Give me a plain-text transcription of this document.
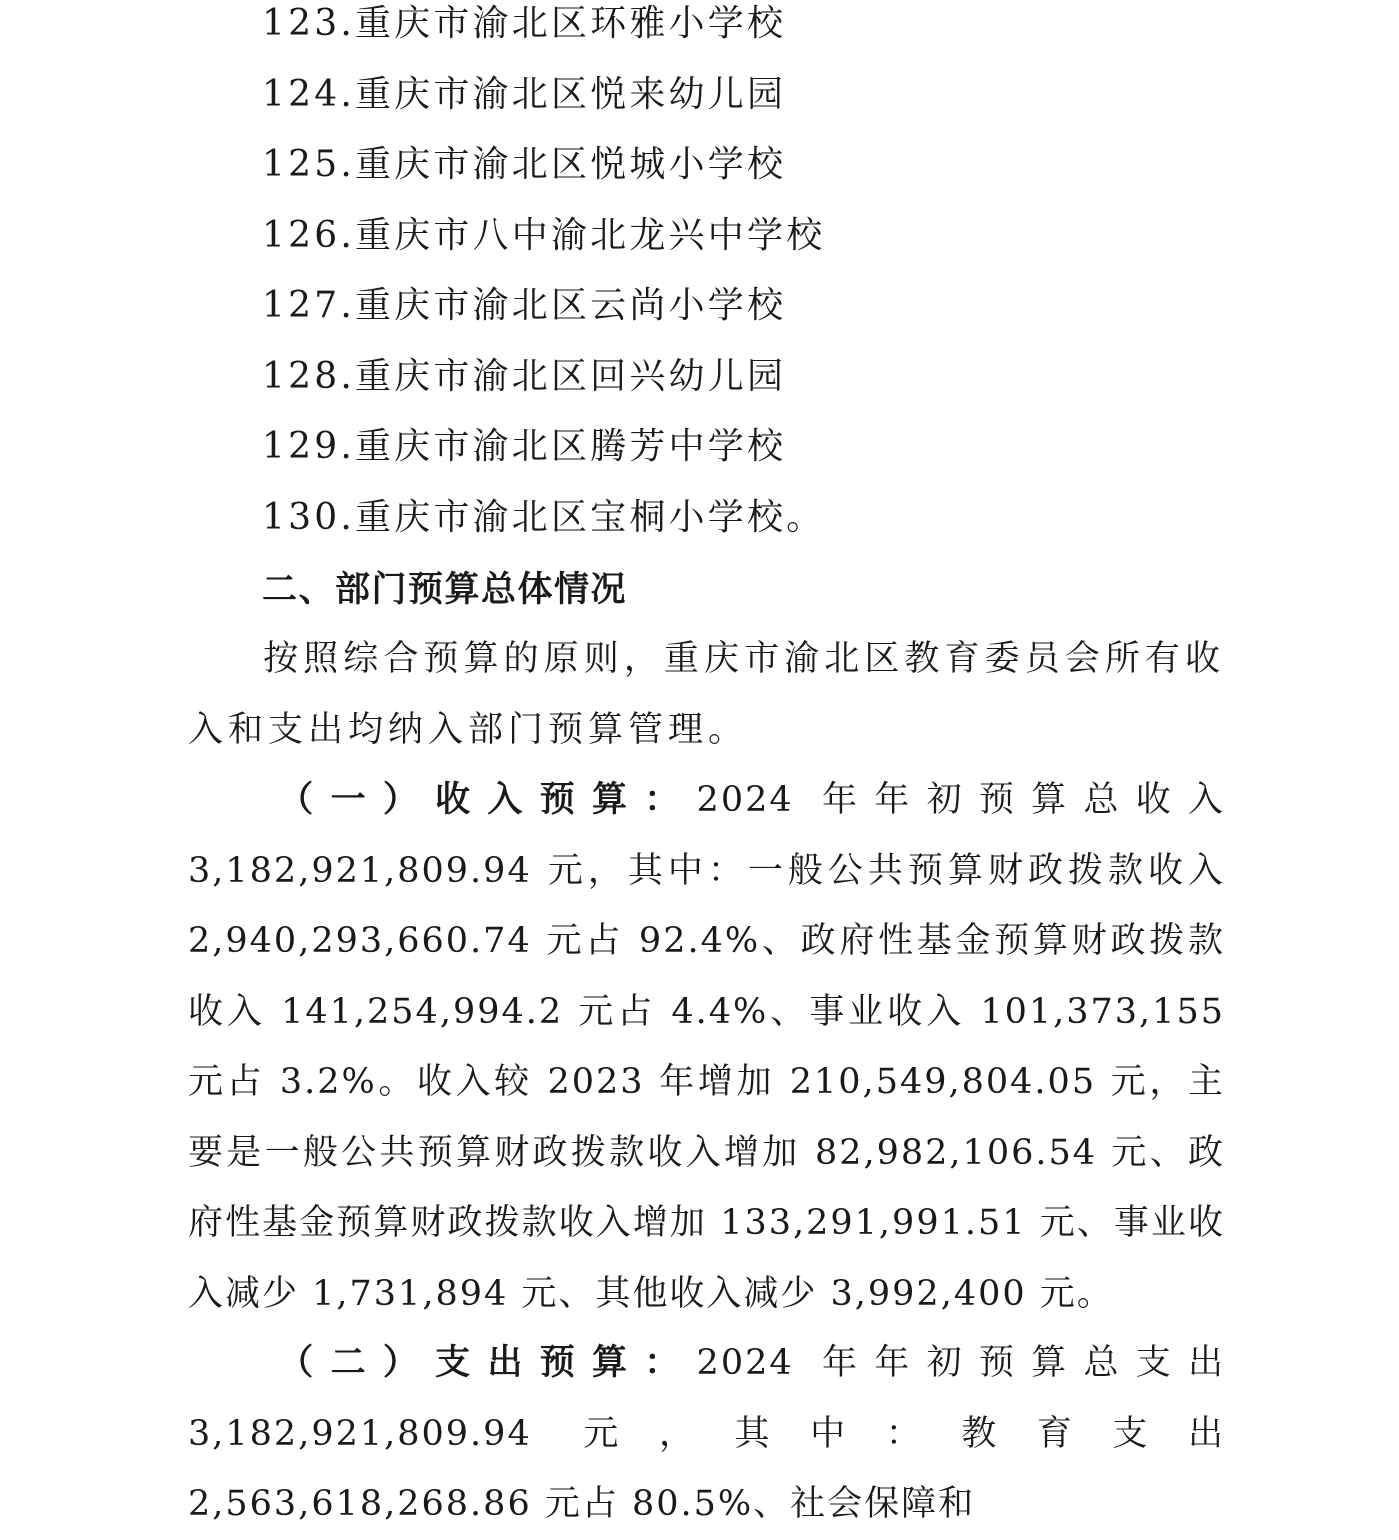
123.重庆市渝北区环雅小学校
124.重庆市渝北区悦来幼儿园
125.重庆市渝北区悦城小学校
126.重庆市八中渝北龙兴中学校
127.重庆市渝北区云尚小学校
128.重庆市渝北区回兴幼儿园
129.重庆市渝北区腾芳中学校
130.重庆市渝北区宝桐小学校。
二、部门预算总体情况

按照综合预算的原则，重庆市渝北区教育委员会所有收入和支出均纳入部门预算管理。

（一）收入预算：2024 年年初预算总收入 3,182,921,809.94 元，其中：一般公共预算财政拨款收入 2,940,293,660.74 元占 92.4%、政府性基金预算财政拨款收入 141,254,994.2 元占 4.4%、事业收入 101,373,155 元占 3.2%。收入较 2023 年增加 210,549,804.05 元，主要是一般公共预算财政拨款收入增加 82,982,106.54 元、政府性基金预算财政拨款收入增加 133,291,991.51 元、事业收入减少 1,731,894 元、其他收入减少 3,992,400 元。

（二）支出预算：2024 年年初预算总支出 3,182,921,809.94 元，其中：教育支出 2,563,618,268.86 元占 80.5%、社会保障和
